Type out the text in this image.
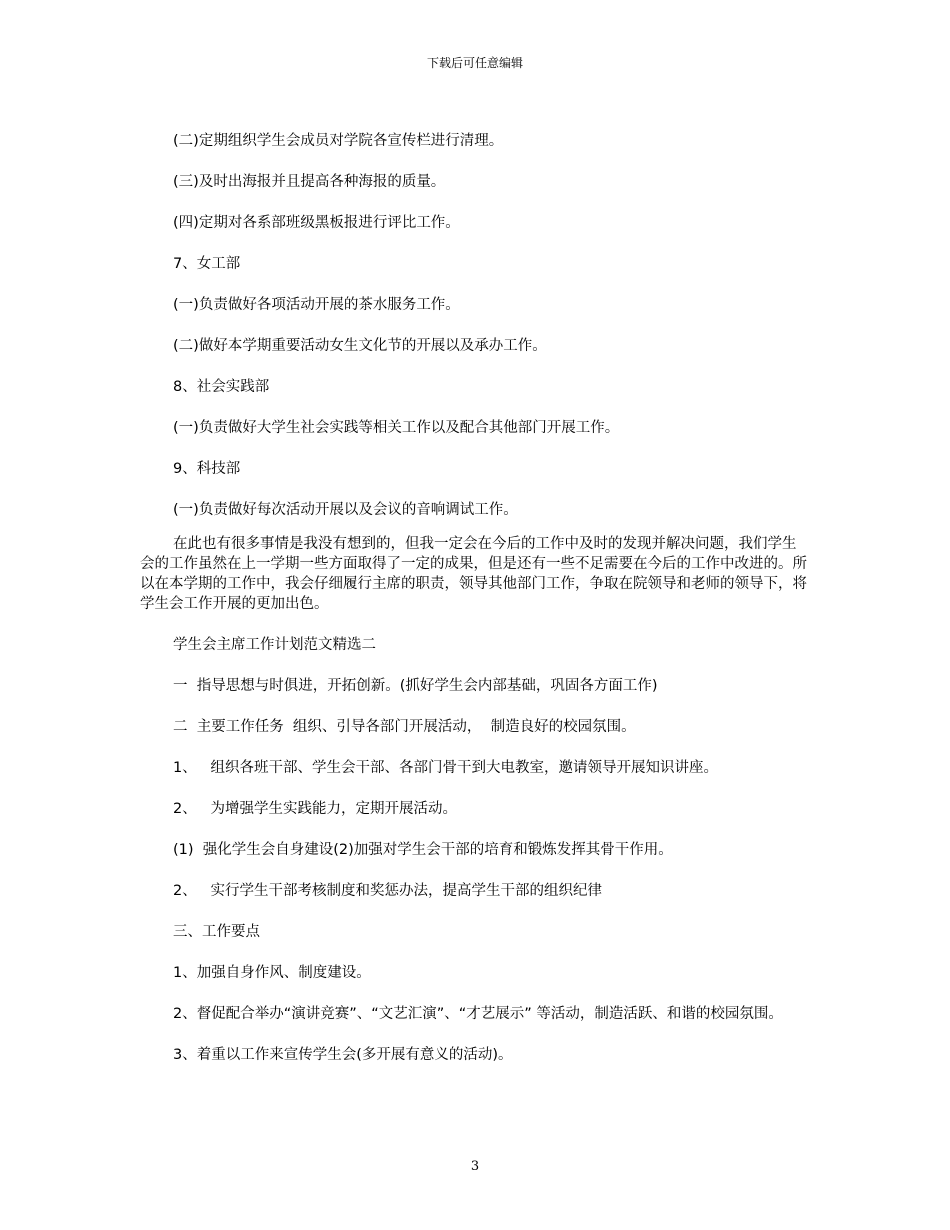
下载后可任意编辑

(二)定期组织学生会成员对学院各宣传栏进行清理。

(三)及时出海报并且提高各种海报的质量。

(四)定期对各系部班级黑板报进行评比工作。

7、女工部

(一)负责做好各项活动开展的茶水服务工作。

(二)做好本学期重要活动女生文化节的开展以及承办工作。

8、社会实践部

(一)负责做好大学生社会实践等相关工作以及配合其他部门开展工作。

9、科技部

(一)负责做好每次活动开展以及会议的音响调试工作。

在此也有很多事情是我没有想到的，但我一定会在今后的工作中及时的发现并解决问题，我们学生会的工作虽然在上一学期一些方面取得了一定的成果，但是还有一些不足需要在今后的工作中改进的。所以在本学期的工作中，我会仔细履行主席的职责，领导其他部门工作，争取在院领导和老师的领导下，将学生会工作开展的更加出色。

学生会主席工作计划范文精选二

一  指导思想与时俱进，开拓创新。(抓好学生会内部基础，巩固各方面工作)

二  主要工作任务  组织、引导各部门开展活动，  制造良好的校园氛围。

1、   组织各班干部、学生会干部、各部门骨干到大电教室，邀请领导开展知识讲座。

2、   为增强学生实践能力，定期开展活动。

(1)  强化学生会自身建设(2)加强对学生会干部的培育和锻炼发挥其骨干作用。

2、   实行学生干部考核制度和奖惩办法，提高学生干部的组织纪律

三、工作要点

1、加强自身作风、制度建设。

2、督促配合举办“演讲竞赛”、“文艺汇演”、“才艺展示” 等活动，制造活跃、和谐的校园氛围。

3、着重以工作来宣传学生会(多开展有意义的活动)。

3
